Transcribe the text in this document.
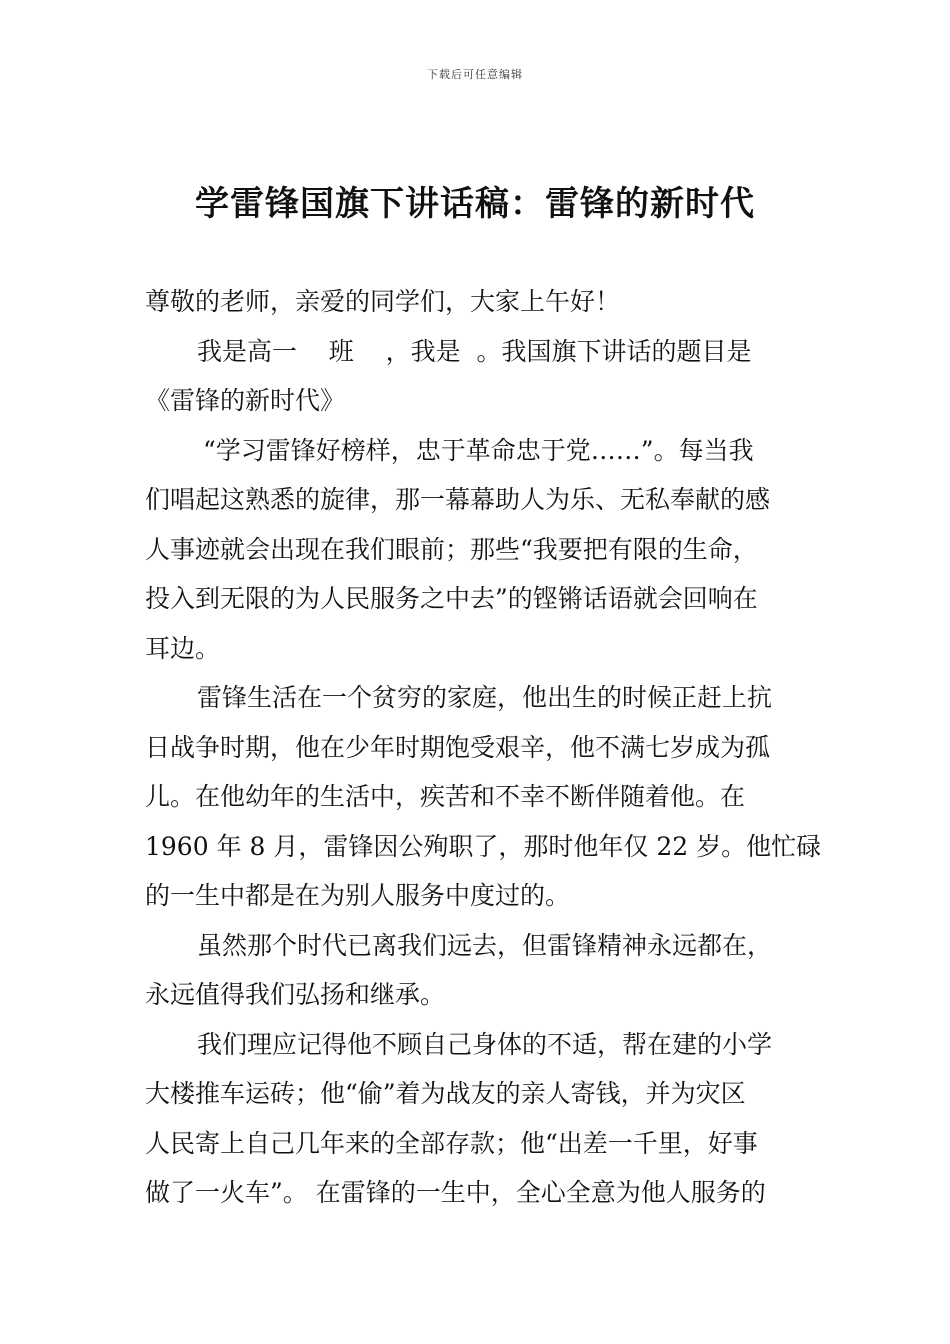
下载后可任意编辑
学雷锋国旗下讲话稿：雷锋的新时代
尊敬的老师，亲爱的同学们，大家上午好！
我是高一    班    ，我是  。我国旗下讲话的题目是
《雷锋的新时代》
“学习雷锋好榜样，忠于革命忠于党……”。每当我
们唱起这熟悉的旋律，那一幕幕助人为乐、无私奉献的感
人事迹就会出现在我们眼前；那些“我要把有限的生命，
投入到无限的为人民服务之中去”的铿锵话语就会回响在
耳边。
雷锋生活在一个贫穷的家庭，他出生的时候正赶上抗
日战争时期，他在少年时期饱受艰辛，他不满七岁成为孤
儿。在他幼年的生活中，疾苦和不幸不断伴随着他。在
1960 年 8 月，雷锋因公殉职了，那时他年仅 22 岁。他忙碌
的一生中都是在为别人服务中度过的。
虽然那个时代已离我们远去，但雷锋精神永远都在，
永远值得我们弘扬和继承。
我们理应记得他不顾自己身体的不适，帮在建的小学
大楼推车运砖；他“偷”着为战友的亲人寄钱，并为灾区
人民寄上自己几年来的全部存款；他“出差一千里，好事
做了一火车”。 在雷锋的一生中，全心全意为他人服务的
